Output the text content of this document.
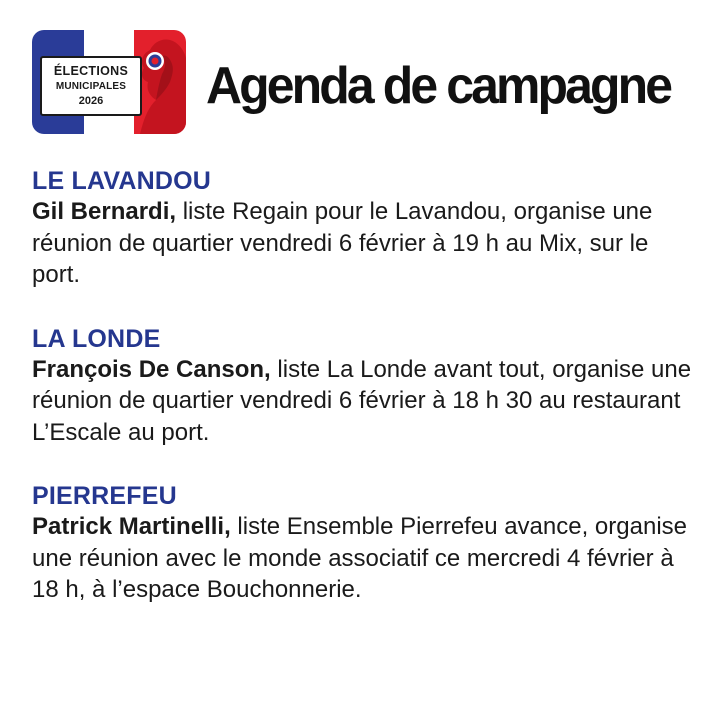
ÉLECTIONS
MUNICIPALES
2026 Agenda de campagne
LE LAVANDOU
Gil Bernardi, liste Regain pour le Lavandou, organise une réunion de quartier vendredi 6 février à 19 h au Mix, sur le port.
LA LONDE
François De Canson, liste La Londe avant tout, organise une réunion de quartier vendredi 6 février à 18 h 30 au restaurant L’Escale au port.
PIERREFEU
Patrick Martinelli, liste Ensemble Pierrefeu avance, organise une réunion avec le monde associatif ce mercredi 4 février à 18 h, à l’espace Bouchonnerie.
